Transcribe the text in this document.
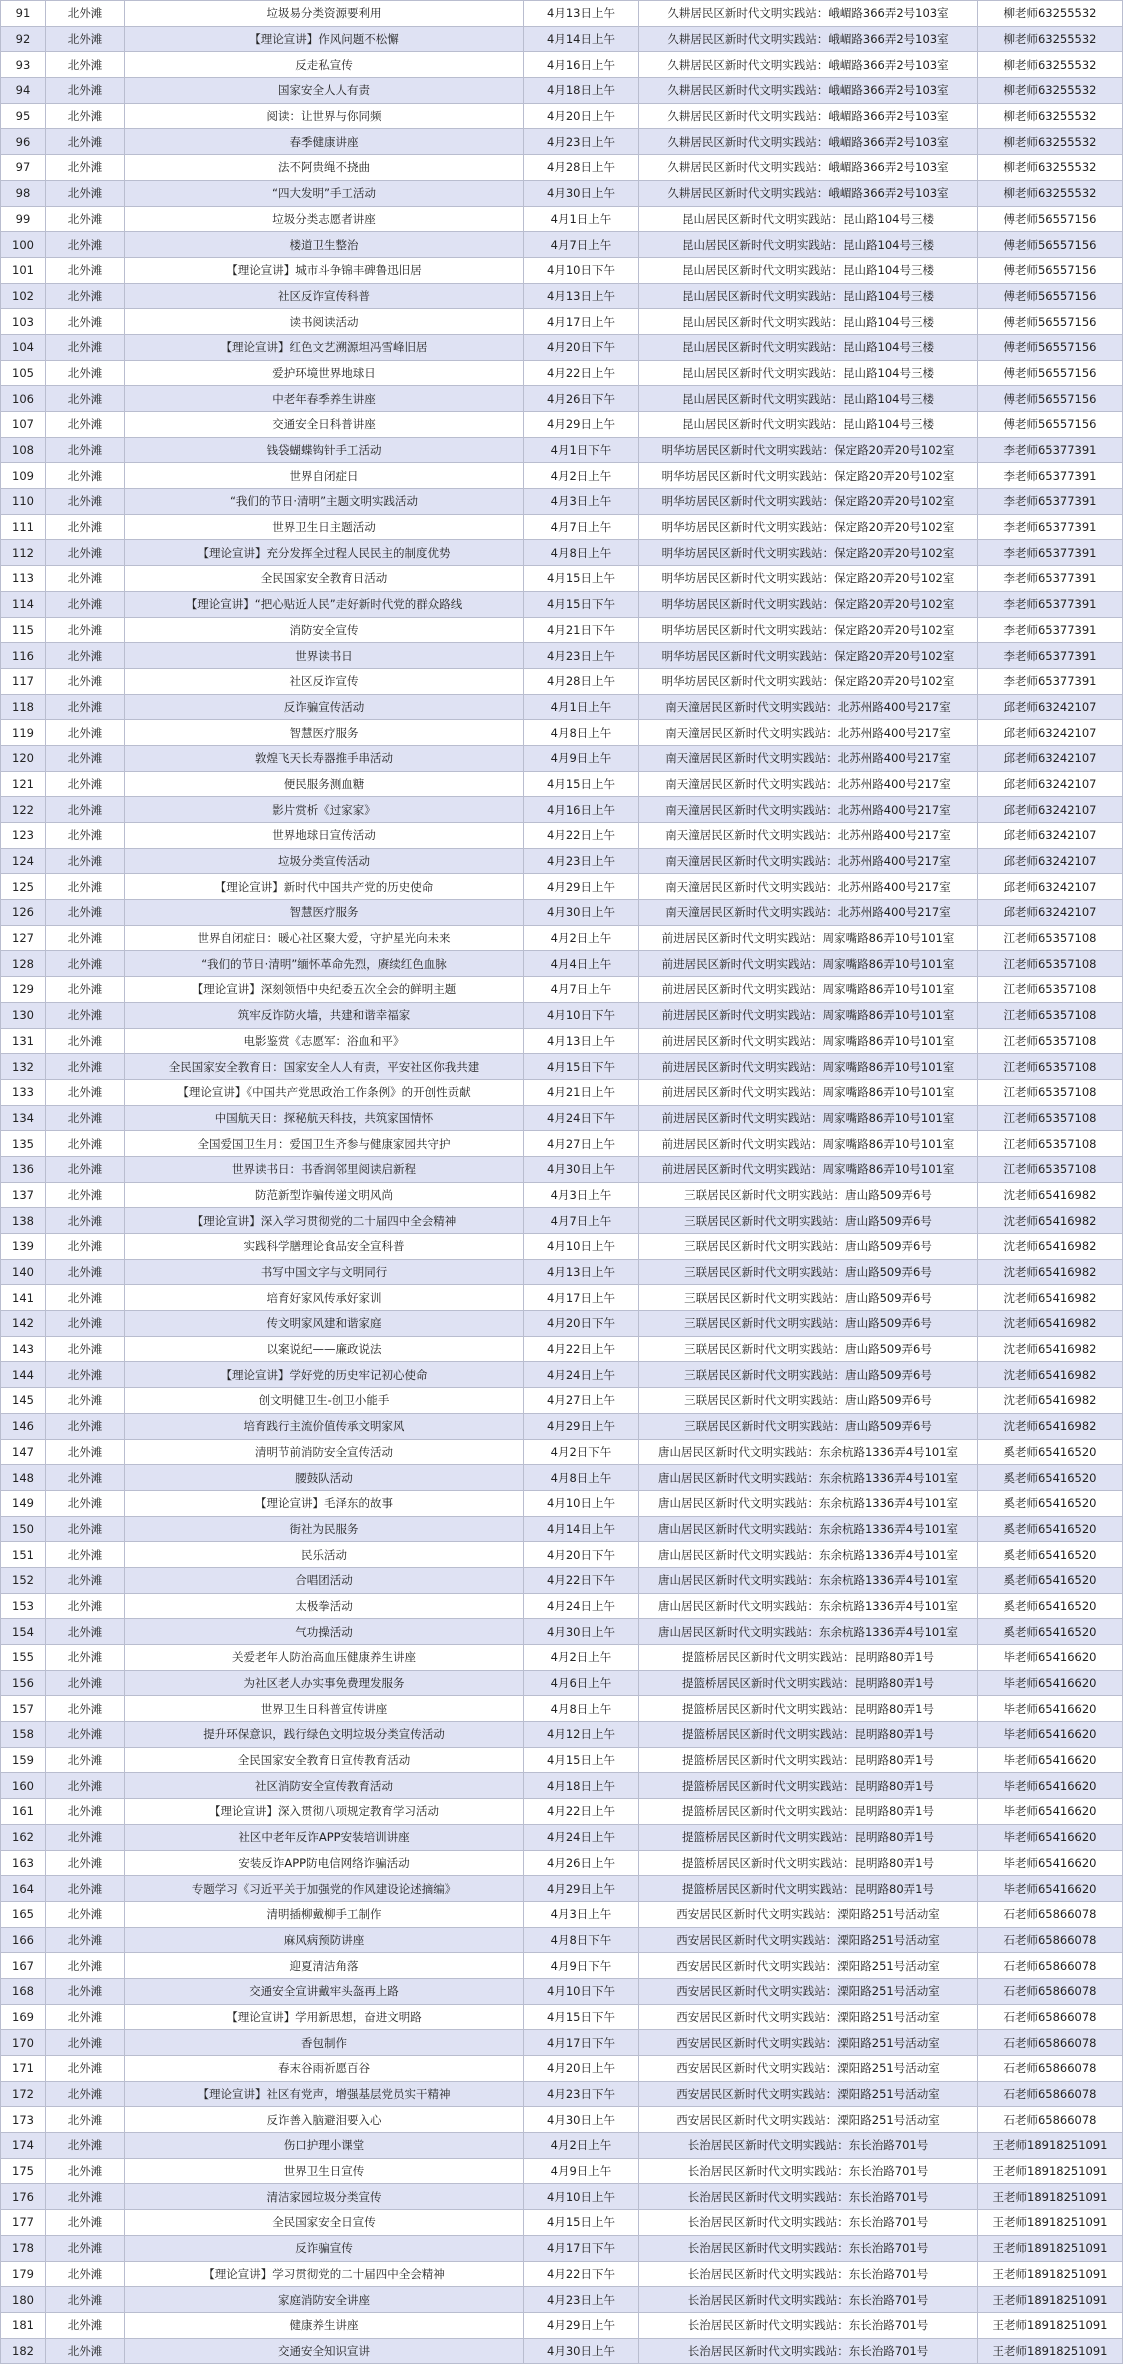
91	北外滩	垃圾易分类资源要利用	4月13日上午	久耕居民区新时代文明实践站：峨嵋路366弄2号103室	柳老师63255532
92	北外滩	【理论宣讲】作风问题不松懈	4月14日上午	久耕居民区新时代文明实践站：峨嵋路366弄2号103室	柳老师63255532
93	北外滩	反走私宣传	4月16日上午	久耕居民区新时代文明实践站：峨嵋路366弄2号103室	柳老师63255532
94	北外滩	国家安全人人有责	4月18日上午	久耕居民区新时代文明实践站：峨嵋路366弄2号103室	柳老师63255532
95	北外滩	阅读：让世界与你同频	4月20日上午	久耕居民区新时代文明实践站：峨嵋路366弄2号103室	柳老师63255532
96	北外滩	春季健康讲座	4月23日上午	久耕居民区新时代文明实践站：峨嵋路366弄2号103室	柳老师63255532
97	北外滩	法不阿贵绳不挠曲	4月28日上午	久耕居民区新时代文明实践站：峨嵋路366弄2号103室	柳老师63255532
98	北外滩	“四大发明”手工活动	4月30日上午	久耕居民区新时代文明实践站：峨嵋路366弄2号103室	柳老师63255532
99	北外滩	垃圾分类志愿者讲座	4月1日上午	昆山居民区新时代文明实践站：昆山路104号三楼	傅老师56557156
100	北外滩	楼道卫生整治	4月7日上午	昆山居民区新时代文明实践站：昆山路104号三楼	傅老师56557156
101	北外滩	【理论宣讲】城市斗争锦丰碑鲁迅旧居	4月10日下午	昆山居民区新时代文明实践站：昆山路104号三楼	傅老师56557156
102	北外滩	社区反诈宣传科普	4月13日上午	昆山居民区新时代文明实践站：昆山路104号三楼	傅老师56557156
103	北外滩	读书阅读活动	4月17日上午	昆山居民区新时代文明实践站：昆山路104号三楼	傅老师56557156
104	北外滩	【理论宣讲】红色文艺溯源坦冯雪峰旧居	4月20日下午	昆山居民区新时代文明实践站：昆山路104号三楼	傅老师56557156
105	北外滩	爱护环境世界地球日	4月22日上午	昆山居民区新时代文明实践站：昆山路104号三楼	傅老师56557156
106	北外滩	中老年春季养生讲座	4月26日下午	昆山居民区新时代文明实践站：昆山路104号三楼	傅老师56557156
107	北外滩	交通安全日科普讲座	4月29日上午	昆山居民区新时代文明实践站：昆山路104号三楼	傅老师56557156
108	北外滩	钱袋蝴蝶钩针手工活动	4月1日下午	明华坊居民区新时代文明实践站：保定路20弄20号102室	李老师65377391
109	北外滩	世界自闭症日	4月2日上午	明华坊居民区新时代文明实践站：保定路20弄20号102室	李老师65377391
110	北外滩	“我们的节日·清明”主题文明实践活动	4月3日上午	明华坊居民区新时代文明实践站：保定路20弄20号102室	李老师65377391
111	北外滩	世界卫生日主题活动	4月7日上午	明华坊居民区新时代文明实践站：保定路20弄20号102室	李老师65377391
112	北外滩	【理论宣讲】充分发挥全过程人民民主的制度优势	4月8日上午	明华坊居民区新时代文明实践站：保定路20弄20号102室	李老师65377391
113	北外滩	全民国家安全教育日活动	4月15日上午	明华坊居民区新时代文明实践站：保定路20弄20号102室	李老师65377391
114	北外滩	【理论宣讲】“把心贴近人民”走好新时代党的群众路线	4月15日下午	明华坊居民区新时代文明实践站：保定路20弄20号102室	李老师65377391
115	北外滩	消防安全宣传	4月21日下午	明华坊居民区新时代文明实践站：保定路20弄20号102室	李老师65377391
116	北外滩	世界读书日	4月23日上午	明华坊居民区新时代文明实践站：保定路20弄20号102室	李老师65377391
117	北外滩	社区反诈宣传	4月28日上午	明华坊居民区新时代文明实践站：保定路20弄20号102室	李老师65377391
118	北外滩	反诈骗宣传活动	4月1日上午	南天潼居民区新时代文明实践站：北苏州路400号217室	邱老师63242107
119	北外滩	智慧医疗服务	4月8日上午	南天潼居民区新时代文明实践站：北苏州路400号217室	邱老师63242107
120	北外滩	敦煌飞天长寿器推手串活动	4月9日上午	南天潼居民区新时代文明实践站：北苏州路400号217室	邱老师63242107
121	北外滩	便民服务测血糖	4月15日上午	南天潼居民区新时代文明实践站：北苏州路400号217室	邱老师63242107
122	北外滩	影片赏析《过家家》	4月16日上午	南天潼居民区新时代文明实践站：北苏州路400号217室	邱老师63242107
123	北外滩	世界地球日宣传活动	4月22日上午	南天潼居民区新时代文明实践站：北苏州路400号217室	邱老师63242107
124	北外滩	垃圾分类宣传活动	4月23日上午	南天潼居民区新时代文明实践站：北苏州路400号217室	邱老师63242107
125	北外滩	【理论宣讲】新时代中国共产党的历史使命	4月29日上午	南天潼居民区新时代文明实践站：北苏州路400号217室	邱老师63242107
126	北外滩	智慧医疗服务	4月30日上午	南天潼居民区新时代文明实践站：北苏州路400号217室	邱老师63242107
127	北外滩	世界自闭症日：暖心社区聚大爱，守护星光向未来	4月2日上午	前进居民区新时代文明实践站：周家嘴路86弄10号101室	江老师65357108
128	北外滩	“我们的节日·清明”缅怀革命先烈，赓续红色血脉	4月4日上午	前进居民区新时代文明实践站：周家嘴路86弄10号101室	江老师65357108
129	北外滩	【理论宣讲】深刻领悟中央纪委五次全会的鲜明主题	4月7日上午	前进居民区新时代文明实践站：周家嘴路86弄10号101室	江老师65357108
130	北外滩	筑牢反诈防火墙，共建和谐幸福家	4月10日下午	前进居民区新时代文明实践站：周家嘴路86弄10号101室	江老师65357108
131	北外滩	电影鉴赏《志愿军：浴血和平》	4月13日上午	前进居民区新时代文明实践站：周家嘴路86弄10号101室	江老师65357108
132	北外滩	全民国家安全教育日：国家安全人人有责，平安社区你我共建	4月15日下午	前进居民区新时代文明实践站：周家嘴路86弄10号101室	江老师65357108
133	北外滩	【理论宣讲】《中国共产党思政治工作条例》的开创性贡献	4月21日上午	前进居民区新时代文明实践站：周家嘴路86弄10号101室	江老师65357108
134	北外滩	中国航天日：探秘航天科技，共筑家国情怀	4月24日下午	前进居民区新时代文明实践站：周家嘴路86弄10号101室	江老师65357108
135	北外滩	全国爱国卫生月：爱国卫生齐参与健康家园共守护	4月27日上午	前进居民区新时代文明实践站：周家嘴路86弄10号101室	江老师65357108
136	北外滩	世界读书日：书香润邻里阅读启新程	4月30日上午	前进居民区新时代文明实践站：周家嘴路86弄10号101室	江老师65357108
137	北外滩	防范新型诈骗传递文明风尚	4月3日上午	三联居民区新时代文明实践站：唐山路509弄6号	沈老师65416982
138	北外滩	【理论宣讲】深入学习贯彻党的二十届四中全会精神	4月7日上午	三联居民区新时代文明实践站：唐山路509弄6号	沈老师65416982
139	北外滩	实践科学膳理论食品安全宣科普	4月10日上午	三联居民区新时代文明实践站：唐山路509弄6号	沈老师65416982
140	北外滩	书写中国文字与文明同行	4月13日上午	三联居民区新时代文明实践站：唐山路509弄6号	沈老师65416982
141	北外滩	培育好家风传承好家训	4月17日上午	三联居民区新时代文明实践站：唐山路509弄6号	沈老师65416982
142	北外滩	传文明家风建和谐家庭	4月20日下午	三联居民区新时代文明实践站：唐山路509弄6号	沈老师65416982
143	北外滩	以案说纪——廉政说法	4月22日上午	三联居民区新时代文明实践站：唐山路509弄6号	沈老师65416982
144	北外滩	【理论宣讲】学好党的历史牢记初心使命	4月24日上午	三联居民区新时代文明实践站：唐山路509弄6号	沈老师65416982
145	北外滩	创文明健卫生-创卫小能手	4月27日上午	三联居民区新时代文明实践站：唐山路509弄6号	沈老师65416982
146	北外滩	培育践行主流价值传承文明家风	4月29日上午	三联居民区新时代文明实践站：唐山路509弄6号	沈老师65416982
147	北外滩	清明节前消防安全宣传活动	4月2日下午	唐山居民区新时代文明实践站：东余杭路1336弄4号101室	奚老师65416520
148	北外滩	腰鼓队活动	4月8日上午	唐山居民区新时代文明实践站：东余杭路1336弄4号101室	奚老师65416520
149	北外滩	【理论宣讲】毛泽东的故事	4月10日上午	唐山居民区新时代文明实践站：东余杭路1336弄4号101室	奚老师65416520
150	北外滩	街社为民服务	4月14日上午	唐山居民区新时代文明实践站：东余杭路1336弄4号101室	奚老师65416520
151	北外滩	民乐活动	4月20日下午	唐山居民区新时代文明实践站：东余杭路1336弄4号101室	奚老师65416520
152	北外滩	合唱团活动	4月22日下午	唐山居民区新时代文明实践站：东余杭路1336弄4号101室	奚老师65416520
153	北外滩	太极拳活动	4月24日上午	唐山居民区新时代文明实践站：东余杭路1336弄4号101室	奚老师65416520
154	北外滩	气功操活动	4月30日上午	唐山居民区新时代文明实践站：东余杭路1336弄4号101室	奚老师65416520
155	北外滩	关爱老年人防治高血压健康养生讲座	4月2日上午	提篮桥居民区新时代文明实践站：昆明路80弄1号	毕老师65416620
156	北外滩	为社区老人办实事免费理发服务	4月6日上午	提篮桥居民区新时代文明实践站：昆明路80弄1号	毕老师65416620
157	北外滩	世界卫生日科普宣传讲座	4月8日上午	提篮桥居民区新时代文明实践站：昆明路80弄1号	毕老师65416620
158	北外滩	提升环保意识，践行绿色文明垃圾分类宣传活动	4月12日上午	提篮桥居民区新时代文明实践站：昆明路80弄1号	毕老师65416620
159	北外滩	全民国家安全教育日宣传教育活动	4月15日上午	提篮桥居民区新时代文明实践站：昆明路80弄1号	毕老师65416620
160	北外滩	社区消防安全宣传教育活动	4月18日上午	提篮桥居民区新时代文明实践站：昆明路80弄1号	毕老师65416620
161	北外滩	【理论宣讲】深入贯彻八项规定教育学习活动	4月22日上午	提篮桥居民区新时代文明实践站：昆明路80弄1号	毕老师65416620
162	北外滩	社区中老年反诈APP安装培训讲座	4月24日上午	提篮桥居民区新时代文明实践站：昆明路80弄1号	毕老师65416620
163	北外滩	安装反诈APP防电信网络诈骗活动	4月26日上午	提篮桥居民区新时代文明实践站：昆明路80弄1号	毕老师65416620
164	北外滩	专题学习《习近平关于加强党的作风建设论述摘编》	4月29日上午	提篮桥居民区新时代文明实践站：昆明路80弄1号	毕老师65416620
165	北外滩	清明插柳戴柳手工制作	4月3日上午	西安居民区新时代文明实践站：溧阳路251号活动室	石老师65866078
166	北外滩	麻风病预防讲座	4月8日下午	西安居民区新时代文明实践站：溧阳路251号活动室	石老师65866078
167	北外滩	迎夏清洁角落	4月9日下午	西安居民区新时代文明实践站：溧阳路251号活动室	石老师65866078
168	北外滩	交通安全宣讲戴牢头盔再上路	4月10日下午	西安居民区新时代文明实践站：溧阳路251号活动室	石老师65866078
169	北外滩	【理论宣讲】学用新思想，奋进文明路	4月15日下午	西安居民区新时代文明实践站：溧阳路251号活动室	石老师65866078
170	北外滩	香包制作	4月17日下午	西安居民区新时代文明实践站：溧阳路251号活动室	石老师65866078
171	北外滩	春末谷雨祈愿百谷	4月20日上午	西安居民区新时代文明实践站：溧阳路251号活动室	石老师65866078
172	北外滩	【理论宣讲】社区有党声，增强基层党员实干精神	4月23日下午	西安居民区新时代文明实践站：溧阳路251号活动室	石老师65866078
173	北外滩	反诈善入脑避泪要入心	4月30日上午	西安居民区新时代文明实践站：溧阳路251号活动室	石老师65866078
174	北外滩	伤口护理小课堂	4月2日上午	长治居民区新时代文明实践站：东长治路701号	王老师18918251091
175	北外滩	世界卫生日宣传	4月9日上午	长治居民区新时代文明实践站：东长治路701号	王老师18918251091
176	北外滩	清洁家园垃圾分类宣传	4月10日上午	长治居民区新时代文明实践站：东长治路701号	王老师18918251091
177	北外滩	全民国家安全日宣传	4月15日上午	长治居民区新时代文明实践站：东长治路701号	王老师18918251091
178	北外滩	反诈骗宣传	4月17日下午	长治居民区新时代文明实践站：东长治路701号	王老师18918251091
179	北外滩	【理论宣讲】学习贯彻党的二十届四中全会精神	4月22日下午	长治居民区新时代文明实践站：东长治路701号	王老师18918251091
180	北外滩	家庭消防安全讲座	4月23日上午	长治居民区新时代文明实践站：东长治路701号	王老师18918251091
181	北外滩	健康养生讲座	4月29日上午	长治居民区新时代文明实践站：东长治路701号	王老师18918251091
182	北外滩	交通安全知识宣讲	4月30日上午	长治居民区新时代文明实践站：东长治路701号	王老师18918251091
